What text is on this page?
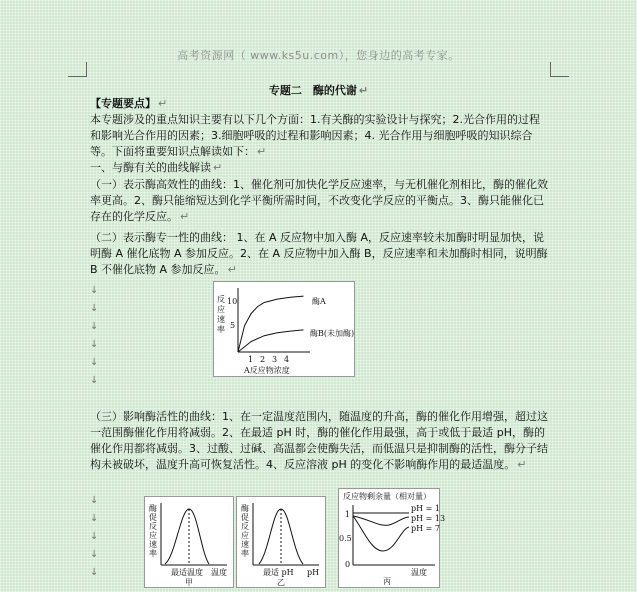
高考资源网（ www.ks5u.com），您身边的高考专家。
专题二　酶的代谢 ↵

【专题要点】 ↵

本专题涉及的重点知识主要有以下几个方面：1.有关酶的实验设计与探究；2.光合作用的过程和影响光合作用的因素；3.细胞呼吸的过程和影响因素；4. 光合作用与细胞呼吸的知识综合等。下面将重要知识点解读如下： ↵

一、与酶有关的曲线解读 ↵

（一）表示酶高效性的曲线：1、催化剂可加快化学反应速率，与无机催化剂相比，酶的催化效率更高。2、酶只能缩短达到化学平衡所需时间，不改变化学反应的平衡点。3、酶只能催化已存在的化学反应。 ↵

（二）表示酶专一性的曲线： 1、在 A 反应物中加入酶 A，反应速率较未加酶时明显加快，说明酶 A 催化底物 A 参加反应。2、在 A 反应物中加入酶 B，反应速率和未加酶时相同，说明酶 B 不催化底物 A 参加反应。 ↵

↓
↓
↓
↓
↓
↓
反
应
速
率
10
5
1 2 3 4
A反应物浓度
酶A
酶B(未加酶)

（三）影响酶活性的曲线：1、在一定温度范围内，随温度的升高，酶的催化作用增强，超过这一范围酶催化作用将减弱。2、在最适 pH 时，酶的催化作用最强，高于或低于最适 pH，酶的催化作用都将减弱。3、过酸、过碱、高温都会使酶失活，而低温只是抑制酶的活性，酶分子结构未被破坏，温度升高可恢复活性。4、反应溶液 pH 的变化不影响酶作用的最适温度。 ↵

↓
↓
↓
↓
↓
酶
促
反
应
速
率
最适温度 温度
甲
酶
促
反
应
速
率
最适 pH pH
乙
反应物剩余量（相对量）
1
0.5
0
pH = 1
pH = 13
pH = 7
温度
丙
